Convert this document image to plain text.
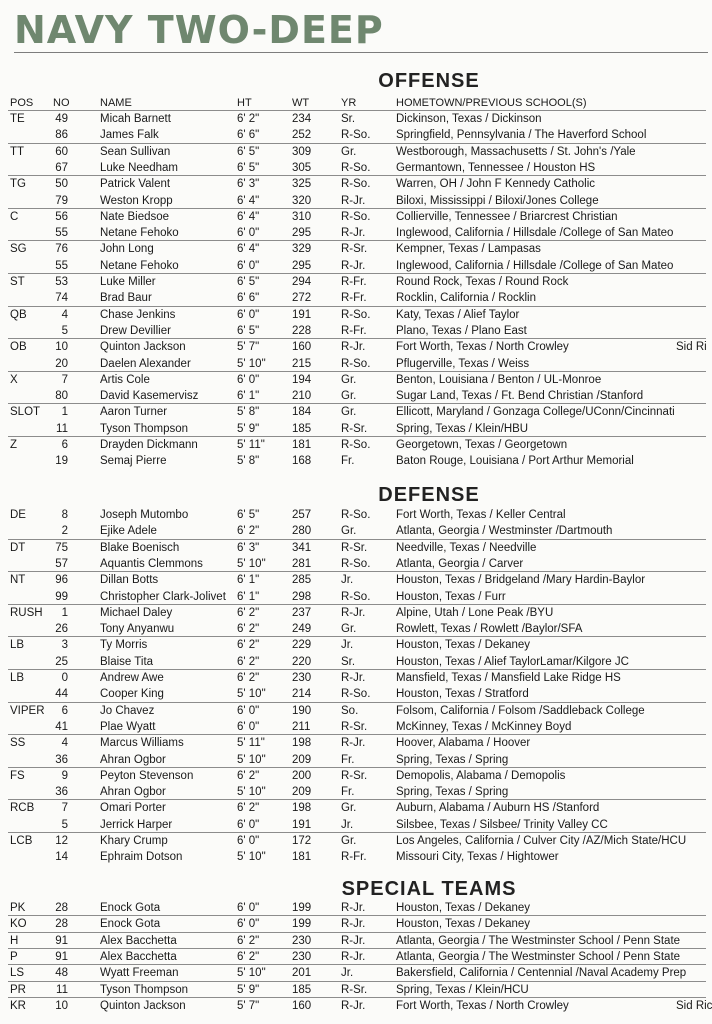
NAVY TWO-DEEP
OFFENSE
POS NO	NAME	HT	WT	YR	HOMETOWN/PREVIOUS SCHOOL(S)
TE	49	Micah Barnett	6' 2"	234	Sr.	Dickinson, Texas / Dickinson
86	James Falk	6' 6"	252	R-So. Springfield, Pennsylvania / The Haverford School
TT	60	Sean Sullivan	6' 5"	309	Gr.	Westborough, Massachusetts / St. John's /Yale
67	Luke Needham	6' 5"	305	R-So. Germantown, Tennessee / Houston HS
TG	50	Patrick Valent	6' 3"	325	R-So. Warren, OH / John F Kennedy Catholic
79	Weston Kropp	6' 4"	320	R-Jr.	Biloxi, Mississippi / Biloxi/Jones College
C	56	Nate Biedsoe	6' 4"	310	R-So. Collierville, Tennessee / Briarcrest Christian
55	Netane Fehoko	6' 0"	295	R-Jr.	Inglewood, California / Hillsdale /College of San Mateo
SG	76	John Long	6' 4"	329	R-Sr.	Kempner, Texas / Lampasas
55	Netane Fehoko	6' 0"	295	R-Jr.	Inglewood, California / Hillsdale /College of San Mateo
ST	53	Luke Miller	6' 5"	294	R-Fr.	Round Rock, Texas / Round Rock
74	Brad Baur	6' 6"	272	R-Fr.	Rocklin, California / Rocklin
QB	4	Chase Jenkins	6' 0"	191	R-So. Katy, Texas / Alief Taylor
5	Drew Devillier	6' 5"	228	R-Fr.	Plano, Texas / Plano East
OB	10	Quinton Jackson	5' 7"	160	R-Jr.	Fort Worth, Texas / North Crowley	Sid Ri
20	Daelen Alexander	5' 10" 215	R-So. Pflugerville, Texas / Weiss
X	7	Artis Cole	6' 0"	194	Gr.	Benton, Louisiana / Benton / UL-Monroe
80	David Kasemervisz	6' 1"	210	Gr.	Sugar Land, Texas / Ft. Bend Christian /Stanford
SLOT	1	Aaron Turner	5' 8"	184	Gr.	Ellicott, Maryland / Gonzaga College/UConn/Cincinnati
11	Tyson Thompson	5' 9"	185	R-Sr.	Spring, Texas / Klein/HBU
Z	6	Drayden Dickmann	5' 11" 181	R-So. Georgetown, Texas / Georgetown
19	Semaj Pierre	5' 8"	168	Fr.	Baton Rouge, Louisiana / Port Arthur Memorial
DEFENSE
DE	8	Joseph Mutombo	6' 5"	257	R-So. Fort Worth, Texas / Keller Central
2	Ejike Adele	6' 2"	280	Gr.	Atlanta, Georgia / Westminster /Dartmouth
DT	75	Blake Boenisch	6' 3"	341	R-Sr.	Needville, Texas / Needville
57	Aquantis Clemmons	5' 10" 281	R-So. Atlanta, Georgia / Carver
NT	96	Dillan Botts	6' 1"	285	Jr.	Houston, Texas / Bridgeland /Mary Hardin-Baylor
99	Christopher Clark-Jolivet 6' 1"	298	R-So. Houston, Texas / Furr
RUSH	1	Michael Daley	6' 2"	237	R-Jr.	Alpine, Utah / Lone Peak /BYU
26	Tony Anyanwu	6' 2"	249	Gr.	Rowlett, Texas / Rowlett /Baylor/SFA
LB	3	Ty Morris	6' 2"	229	Jr.	Houston, Texas / Dekaney
25	Blaise Tita	6' 2"	220	Sr.	Houston, Texas / Alief TaylorLamar/Kilgore JC
LB	0	Andrew Awe	6' 2"	230	R-Jr.	Mansfield, Texas / Mansfield Lake Ridge HS
44	Cooper King	5' 10" 214	R-So. Houston, Texas / Stratford
VIPER	6	Jo Chavez	6' 0"	190	So.	Folsom, California / Folsom /Saddleback College
41	Plae Wyatt	6' 0"	211	R-Sr.	McKinney, Texas / McKinney Boyd
SS	4	Marcus Williams	5' 11" 198	R-Jr.	Hoover, Alabama / Hoover
36	Ahran Ogbor	5' 10" 209	Fr.	Spring, Texas / Spring
FS	9	Peyton Stevenson	6' 2"	200	R-Sr.	Demopolis, Alabama / Demopolis
36	Ahran Ogbor	5' 10" 209	Fr.	Spring, Texas / Spring
RCB	7	Omari Porter	6' 2"	198	Gr.	Auburn, Alabama / Auburn HS /Stanford
5	Jerrick Harper	6' 0"	191	Jr.	Silsbee, Texas / Silsbee/ Trinity Valley CC
LCB	12	Khary Crump	6' 0"	172	Gr.	Los Angeles, California / Culver City /AZ/Mich State/HCU
14	Ephraim Dotson	5' 10" 181	R-Fr.	Missouri City, Texas / Hightower
SPECIAL TEAMS
PK	28	Enock Gota	6' 0"	199	R-Jr.	Houston, Texas / Dekaney
KO	28	Enock Gota	6' 0"	199	R-Jr.	Houston, Texas / Dekaney
H	91	Alex Bacchetta	6' 2"	230	R-Jr.	Atlanta, Georgia / The Westminster School / Penn State
P	91	Alex Bacchetta	6' 2"	230	R-Jr.	Atlanta, Georgia / The Westminster School / Penn State
LS	48	Wyatt Freeman	5' 10" 201	Jr.	Bakersfield, California / Centennial /Naval Academy Prep
PR	11	Tyson Thompson	5' 9"	185	R-Sr.	Spring, Texas / Klein/HCU
KR	10	Quinton Jackson	5' 7"	160	R-Jr.	Fort Worth, Texas / North Crowley	Sid Ric
